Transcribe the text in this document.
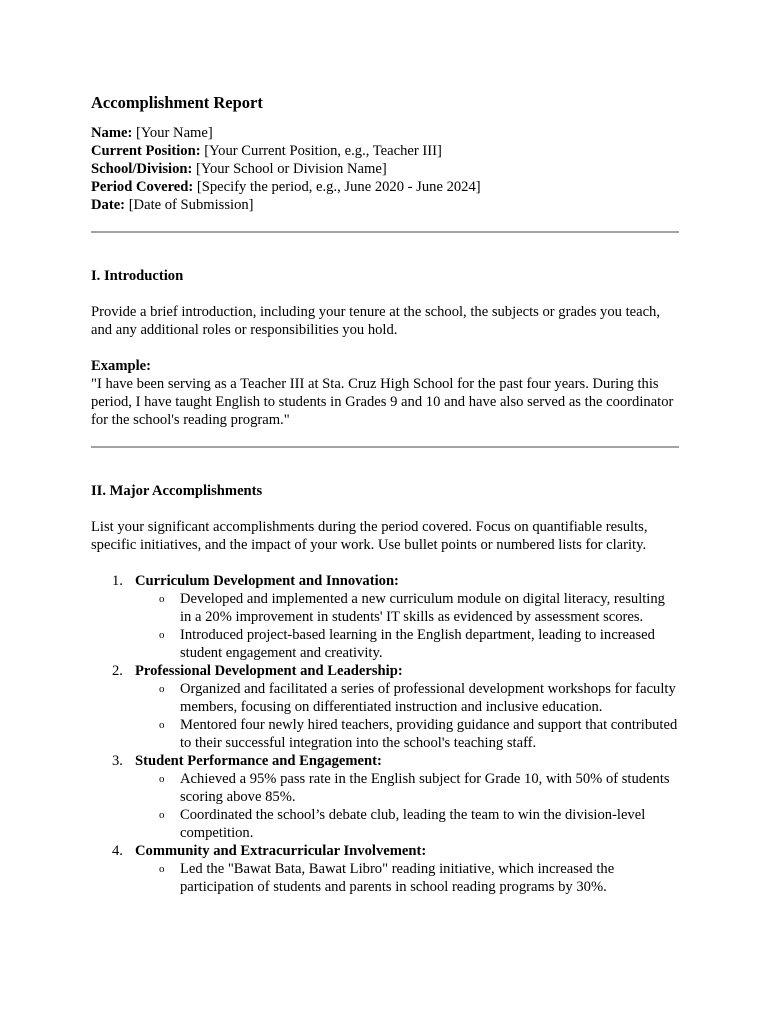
Accomplishment Report
Name: [Your Name]
Current Position: [Your Current Position, e.g., Teacher III]
School/Division: [Your School or Division Name]
Period Covered: [Specify the period, e.g., June 2020 - June 2024]
Date: [Date of Submission]
I. Introduction
Provide a brief introduction, including your tenure at the school, the subjects or grades you teach, and any additional roles or responsibilities you hold.
Example:
"I have been serving as a Teacher III at Sta. Cruz High School for the past four years. During this period, I have taught English to students in Grades 9 and 10 and have also served as the coordinator for the school's reading program."
II. Major Accomplishments
List your significant accomplishments during the period covered. Focus on quantifiable results, specific initiatives, and the impact of your work. Use bullet points or numbered lists for clarity.
1. Curriculum Development and Innovation:
o Developed and implemented a new curriculum module on digital literacy, resulting in a 20% improvement in students' IT skills as evidenced by assessment scores.
o Introduced project-based learning in the English department, leading to increased student engagement and creativity.
2. Professional Development and Leadership:
o Organized and facilitated a series of professional development workshops for faculty members, focusing on differentiated instruction and inclusive education.
o Mentored four newly hired teachers, providing guidance and support that contributed to their successful integration into the school's teaching staff.
3. Student Performance and Engagement:
o Achieved a 95% pass rate in the English subject for Grade 10, with 50% of students scoring above 85%.
o Coordinated the school’s debate club, leading the team to win the division-level competition.
4. Community and Extracurricular Involvement:
o Led the "Bawat Bata, Bawat Libro" reading initiative, which increased the participation of students and parents in school reading programs by 30%.
